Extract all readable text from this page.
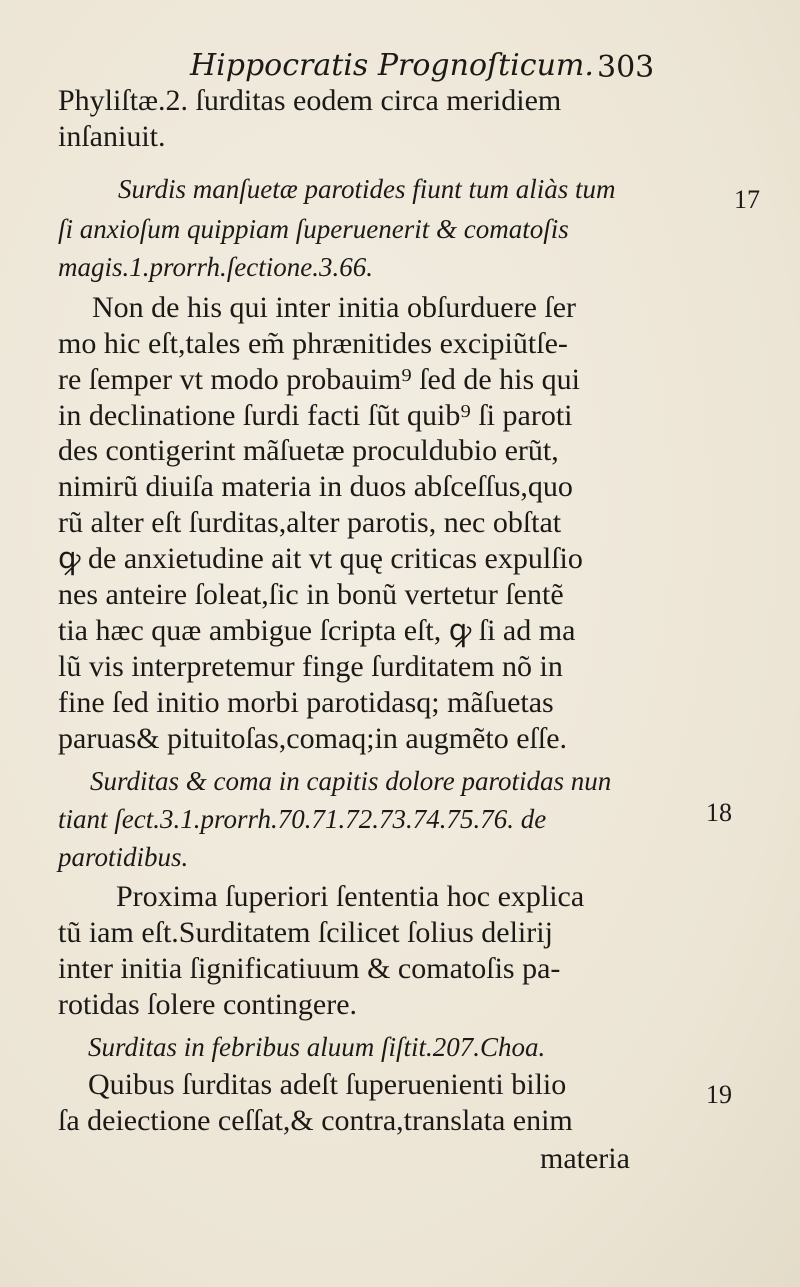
Hippocratis Prognoſticum. 303
17
18
19
Phyliſtæ.2. ſurditas eodem circa meridiem
inſaniuit.
Surdis manſuetæ parotides fiunt tum aliàs tum
ſi anxioſum quippiam ſuperuenerit & comatoſis
magis.1.prorrh.ſectione.3.66.
Non de his qui inter initia obſurduere ſer
mo hic eſt,tales em̃ phrænitides excipiũtſe-
re ſemper vt modo probauim⁹ ſed de his qui
in declinatione ſurdi facti ſũt quib⁹ ſi paroti
des contigerint mãſuetæ proculdubio erũt,
nimirũ diuiſa materia in duos abſceſſus,quo
rũ alter eſt ſurditas,alter parotis, nec obſtat
ꝙ de anxietudine ait vt quę criticas expulſio
nes anteire ſoleat,ſic in bonũ vertetur ſentẽ
tia hæc quæ ambigue ſcripta eſt, ꝙ ſi ad ma
lũ vis interpretemur finge ſurditatem nõ in
fine ſed initio morbi parotidasq; mãſuetas
paruas& pituitoſas,comaq;in augmẽto eſſe.
Surditas & coma in capitis dolore parotidas nun
tiant ſect.3.1.prorrh.70.71.72.73.74.75.76. de
parotidibus.
Proxima ſuperiori ſententia hoc explica
tũ iam eſt.Surditatem ſcilicet ſolius delirij
inter initia ſignificatiuum & comatoſis pa-
rotidas ſolere contingere.
Surditas in febribus aluum ſiſtit.207.Choa.
Quibus ſurditas adeſt ſuperuenienti bilio
ſa deiectione ceſſat,& contra,translata enim
materia
